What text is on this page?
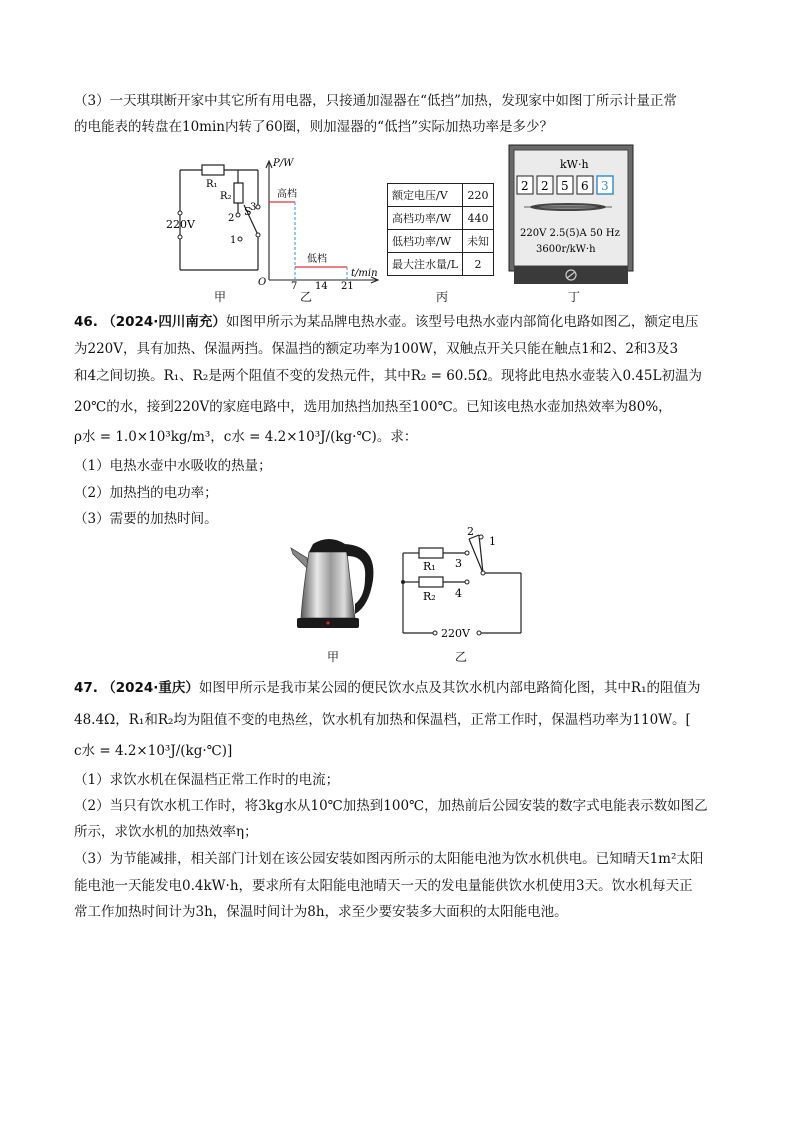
（3）一天琪琪断开家中其它所有用电器，只接通加湿器在“低挡”加热，发现家中如图丁所示计量正常
的电能表的转盘在10min内转了60圈，则加湿器的“低挡”实际加热功率是多少？
R₁
R₂
220V
S
2
3
1
甲
P/W
t/min
O 7 14 21
高档
低档
乙
额定电压/V	220
高档功率/W	440
低档功率/W	未知
最大注水量/L	2
丙
kW·h
2 2 5 6 3
220V 2.5(5)A 50 Hz
3600r/kW·h
丁
46. （2024·四川南充）如图甲所示为某品牌电热水壶。该型号电热水壶内部简化电路如图乙，额定电压
为220V，具有加热、保温两挡。保温挡的额定功率为100W，双触点开关只能在触点1和2、2和3及3
和4之间切换。R₁、R₂是两个阻值不变的发热元件，其中R₂ = 60.5Ω。现将此电热水壶装入0.45L初温为
20℃的水，接到220V的家庭电路中，选用加热挡加热至100℃。已知该电热水壶加热效率为80%，
ρ水 = 1.0×10³kg/m³，c水 = 4.2×10³J/(kg·℃)。求：
（1）电热水壶中水吸收的热量；
（2）加热挡的电功率；
（3）需要的加热时间。
甲
R₁
R₂
2
1
3
4
220V
乙
47. （2024·重庆）如图甲所示是我市某公园的便民饮水点及其饮水机内部电路简化图，其中R₁的阻值为
48.4Ω，R₁和R₂均为阻值不变的电热丝，饮水机有加热和保温档，正常工作时，保温档功率为110W。[
c水 = 4.2×10³J/(kg·℃)]
（1）求饮水机在保温档正常工作时的电流；
（2）当只有饮水机工作时，将3kg水从10℃加热到100℃，加热前后公园安装的数字式电能表示数如图乙
所示，求饮水机的加热效率η；
（3）为节能减排，相关部门计划在该公园安装如图丙所示的太阳能电池为饮水机供电。已知晴天1m²太阳
能电池一天能发电0.4kW·h，要求所有太阳能电池晴天一天的发电量能供饮水机使用3天。饮水机每天正
常工作加热时间计为3h，保温时间计为8h，求至少要安装多大面积的太阳能电池。
